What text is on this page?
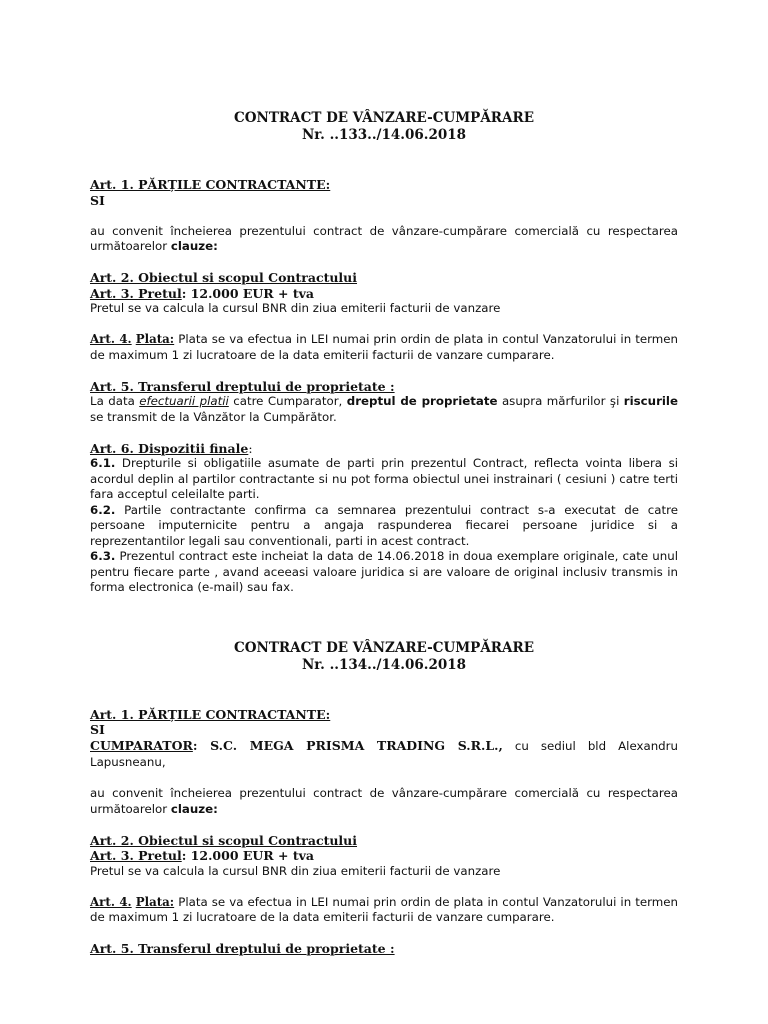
CONTRACT DE VÂNZARE-CUMPĂRARE

Nr. ..133../14.06.2018

Art. 1. PĂRȚILE CONTRACTANTE:

SI

au convenit încheierea prezentului contract de vânzare-cumpărare comercială cu respectarea următoarelor clauze:

Art. 2. Obiectul si scopul Contractului

Art. 3. Pretul: 12.000 EUR + tva

Pretul se va calcula la cursul BNR din ziua emiterii facturii de vanzare

Art. 4. Plata: Plata se va efectua in LEI numai prin ordin de plata in contul Vanzatorului in termen de maximum 1 zi lucratoare de la data emiterii facturii de vanzare cumparare.

Art. 5. Transferul dreptului de proprietate :

La data efectuarii platii catre Cumparator, dreptul de proprietate asupra mărfurilor şi riscurile se transmit de la Vânzător la Cumpărător.

Art. 6. Dispozitii finale:

6.1. Drepturile si obligatiile asumate de parti prin prezentul Contract, reflecta vointa libera si acordul deplin al partilor contractante si nu pot forma obiectul unei instrainari ( cesiuni ) catre terti fara acceptul celeilalte parti.

6.2. Partile contractante confirma ca semnarea prezentului contract s-a executat de catre persoane imputernicite pentru a angaja raspunderea fiecarei persoane juridice si a reprezentantilor legali sau conventionali, parti in acest contract.

6.3. Prezentul contract este incheiat la data de 14.06.2018 in doua exemplare originale, cate unul pentru fiecare parte , avand aceeasi valoare juridica si are valoare de original inclusiv transmis in forma electronica (e-mail) sau fax.

CONTRACT DE VÂNZARE-CUMPĂRARE

Nr. ..134../14.06.2018

Art. 1. PĂRȚILE CONTRACTANTE:

SI

CUMPARATOR: S.C. MEGA PRISMA TRADING S.R.L., cu sediul bld Alexandru Lapusneanu,

au convenit încheierea prezentului contract de vânzare-cumpărare comercială cu respectarea următoarelor clauze:

Art. 2. Obiectul si scopul Contractului

Art. 3. Pretul: 12.000 EUR + tva

Pretul se va calcula la cursul BNR din ziua emiterii facturii de vanzare

Art. 4. Plata: Plata se va efectua in LEI numai prin ordin de plata in contul Vanzatorului in termen de maximum 1 zi lucratoare de la data emiterii facturii de vanzare cumparare.

Art. 5. Transferul dreptului de proprietate :
